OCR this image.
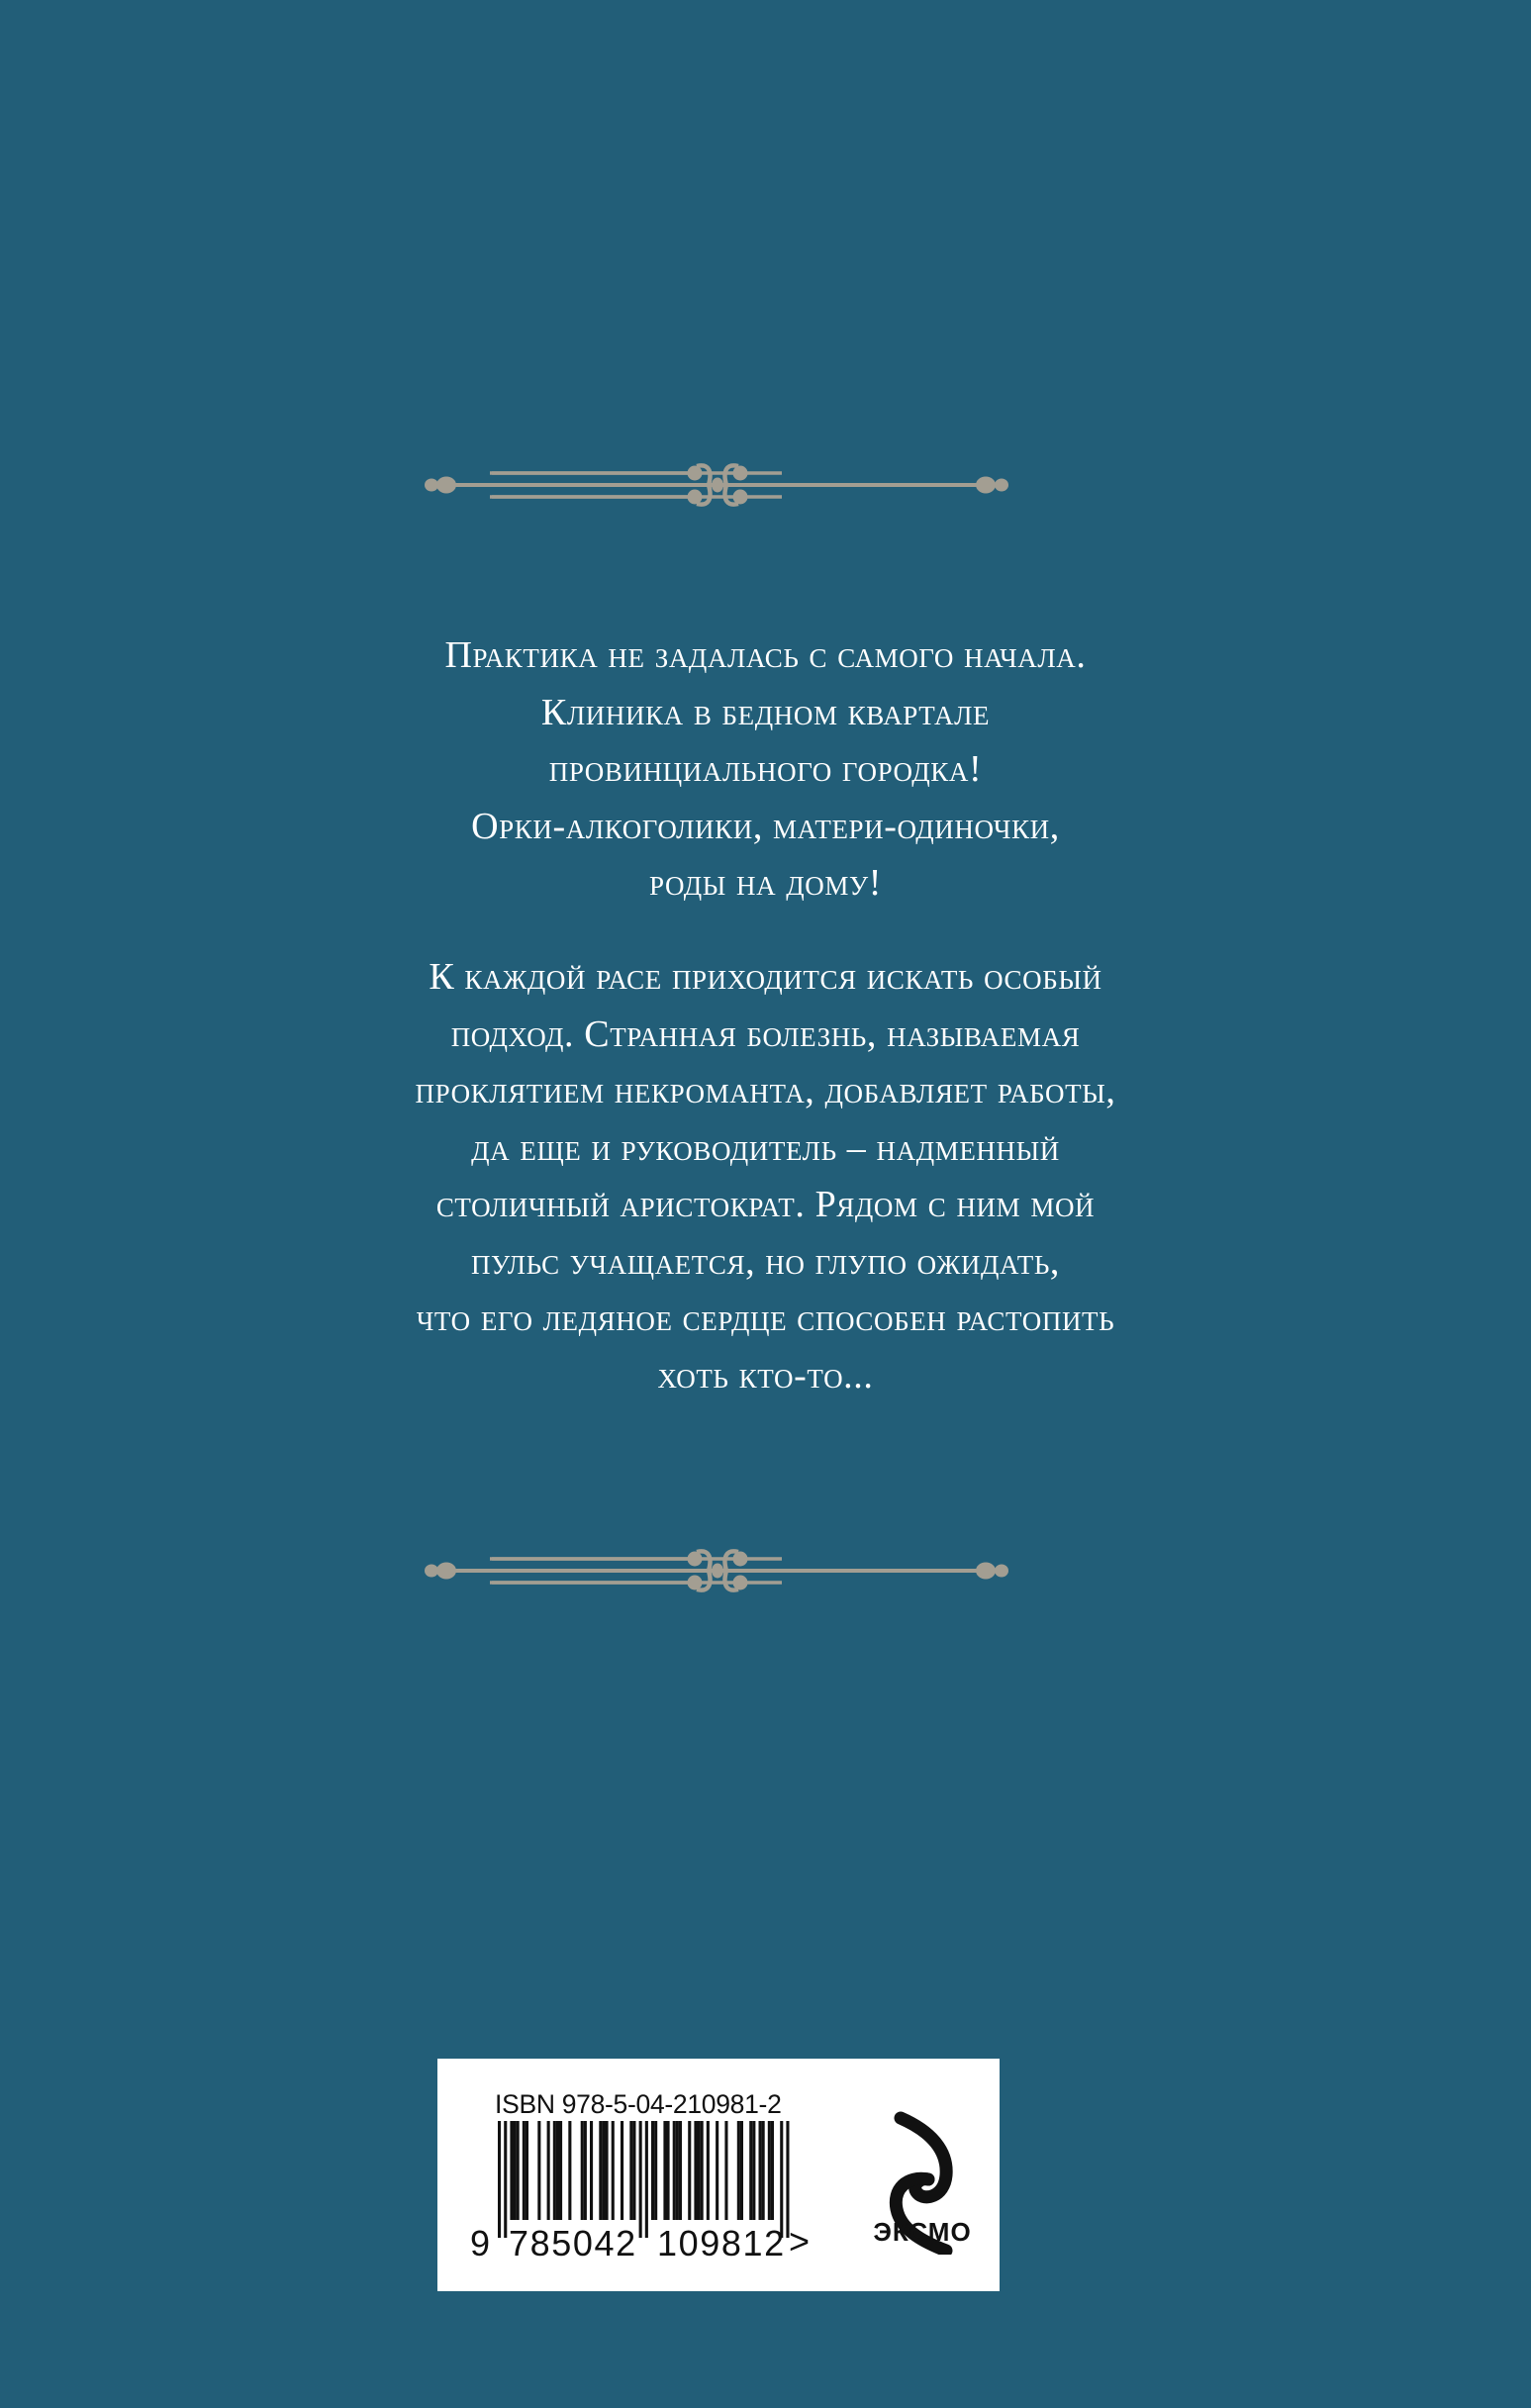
Практика не задалась с самого начала.
Клиника в бедном квартале
провинциального городка!
Орки-алкоголики, матери-одиночки,
роды на дому!
К каждой расе приходится искать особый
подход. Странная болезнь, называемая
проклятием некроманта, добавляет работы,
да еще и руководитель – надменный
столичный аристократ. Рядом с ним мой
пульс учащается, но глупо ожидать,
что его ледяное сердце способен растопить
хоть кто-то...
ISBN 978-5-04-210981-2
9 785042 109812 > ЭКСМО
